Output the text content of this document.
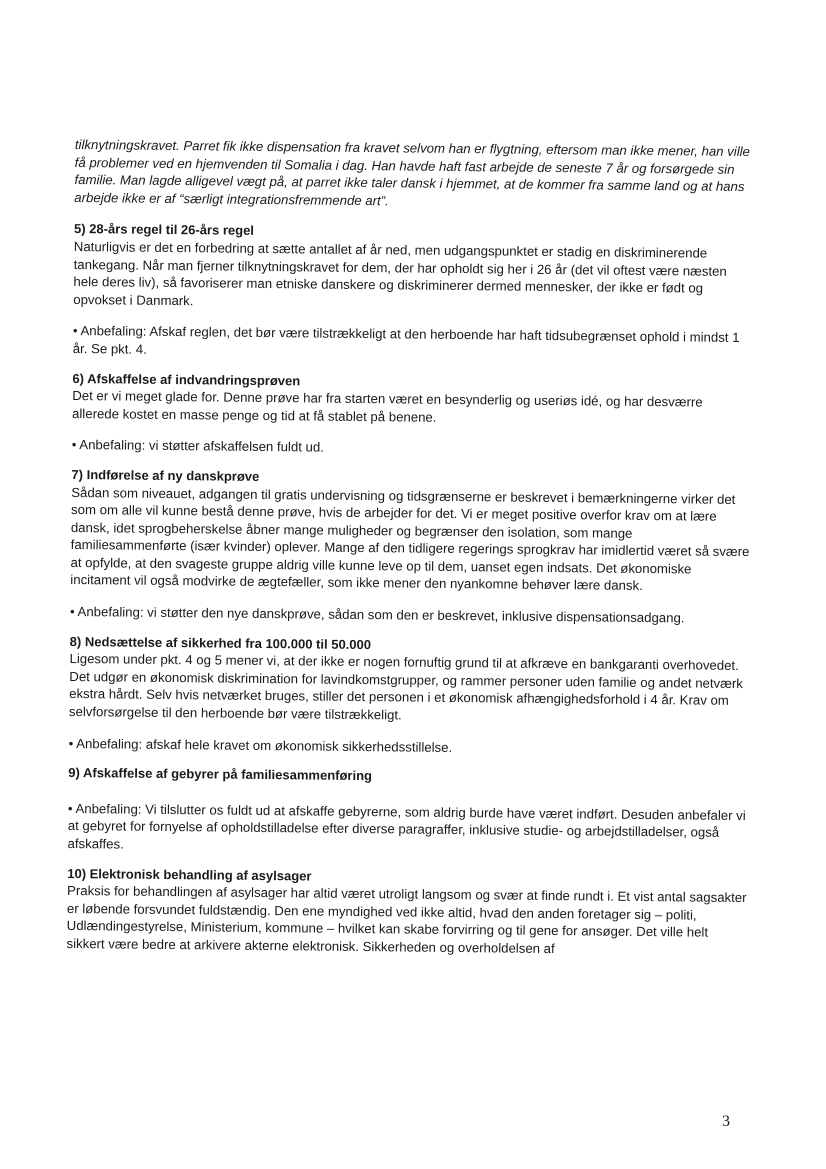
tilknytningskravet. Parret fik ikke dispensation fra kravet selvom han er flygtning, eftersom man ikke mener, han ville få problemer ved en hjemvenden til Somalia i dag. Han havde haft fast arbejde de seneste 7 år og forsørgede sin familie. Man lagde alligevel vægt på, at parret ikke taler dansk i hjemmet, at de kommer fra samme land og at hans arbejde ikke er af “særligt integrationsfremmende art”.

5) 28-års regel til 26-års regel

Naturligvis er det en forbedring at sætte antallet af år ned, men udgangspunktet er stadig en diskriminerende tankegang. Når man fjerner tilknytningskravet for dem, der har opholdt sig her i 26 år (det vil oftest være næsten hele deres liv), så favoriserer man etniske danskere og diskriminerer dermed mennesker, der ikke er født og opvokset i Danmark.

• Anbefaling: Afskaf reglen, det bør være tilstrækkeligt at den herboende har haft tidsubegrænset ophold i mindst 1 år. Se pkt. 4.

6) Afskaffelse af indvandringsprøven

Det er vi meget glade for. Denne prøve har fra starten været en besynderlig og useriøs idé, og har desværre allerede kostet en masse penge og tid at få stablet på benene.

• Anbefaling: vi støtter afskaffelsen fuldt ud.

7) Indførelse af ny danskprøve

Sådan som niveauet, adgangen til gratis undervisning og tidsgrænserne er beskrevet i bemærkningerne virker det som om alle vil kunne bestå denne prøve, hvis de arbejder for det. Vi er meget positive overfor krav om at lære dansk, idet sprogbeherskelse åbner mange muligheder og begrænser den isolation, som mange familiesammenførte (især kvinder) oplever. Mange af den tidligere regerings sprogkrav har imidlertid været så svære at opfylde, at den svageste gruppe aldrig ville kunne leve op til dem, uanset egen indsats. Det økonomiske incitament vil også modvirke de ægtefæller, som ikke mener den nyankomne behøver lære dansk.

• Anbefaling: vi støtter den nye danskprøve, sådan som den er beskrevet, inklusive dispensationsadgang.

8) Nedsættelse af sikkerhed fra 100.000 til 50.000

Ligesom under pkt. 4 og 5 mener vi, at der ikke er nogen fornuftig grund til at afkræve en bankgaranti overhovedet. Det udgør en økonomisk diskrimination for lavindkomstgrupper, og rammer personer uden familie og andet netværk ekstra hårdt. Selv hvis netværket bruges, stiller det personen i et økonomisk afhængighedsforhold i 4 år. Krav om selvforsørgelse til den herboende bør være tilstrækkeligt.

• Anbefaling: afskaf hele kravet om økonomisk sikkerhedsstillelse.

9) Afskaffelse af gebyrer på familiesammenføring

• Anbefaling: Vi tilslutter os fuldt ud at afskaffe gebyrerne, som aldrig burde have været indført. Desuden anbefaler vi at gebyret for fornyelse af opholdstilladelse efter diverse paragraffer, inklusive studie- og arbejdstilladelser, også afskaffes.

10) Elektronisk behandling af asylsager

Praksis for behandlingen af asylsager har altid været utroligt langsom og svær at finde rundt i. Et vist antal sagsakter er løbende forsvundet fuldstændig. Den ene myndighed ved ikke altid, hvad den anden foretager sig – politi, Udlændingestyrelse, Ministerium, kommune – hvilket kan skabe forvirring og til gene for ansøger. Det ville helt sikkert være bedre at arkivere akterne elektronisk. Sikkerheden og overholdelsen af

3
